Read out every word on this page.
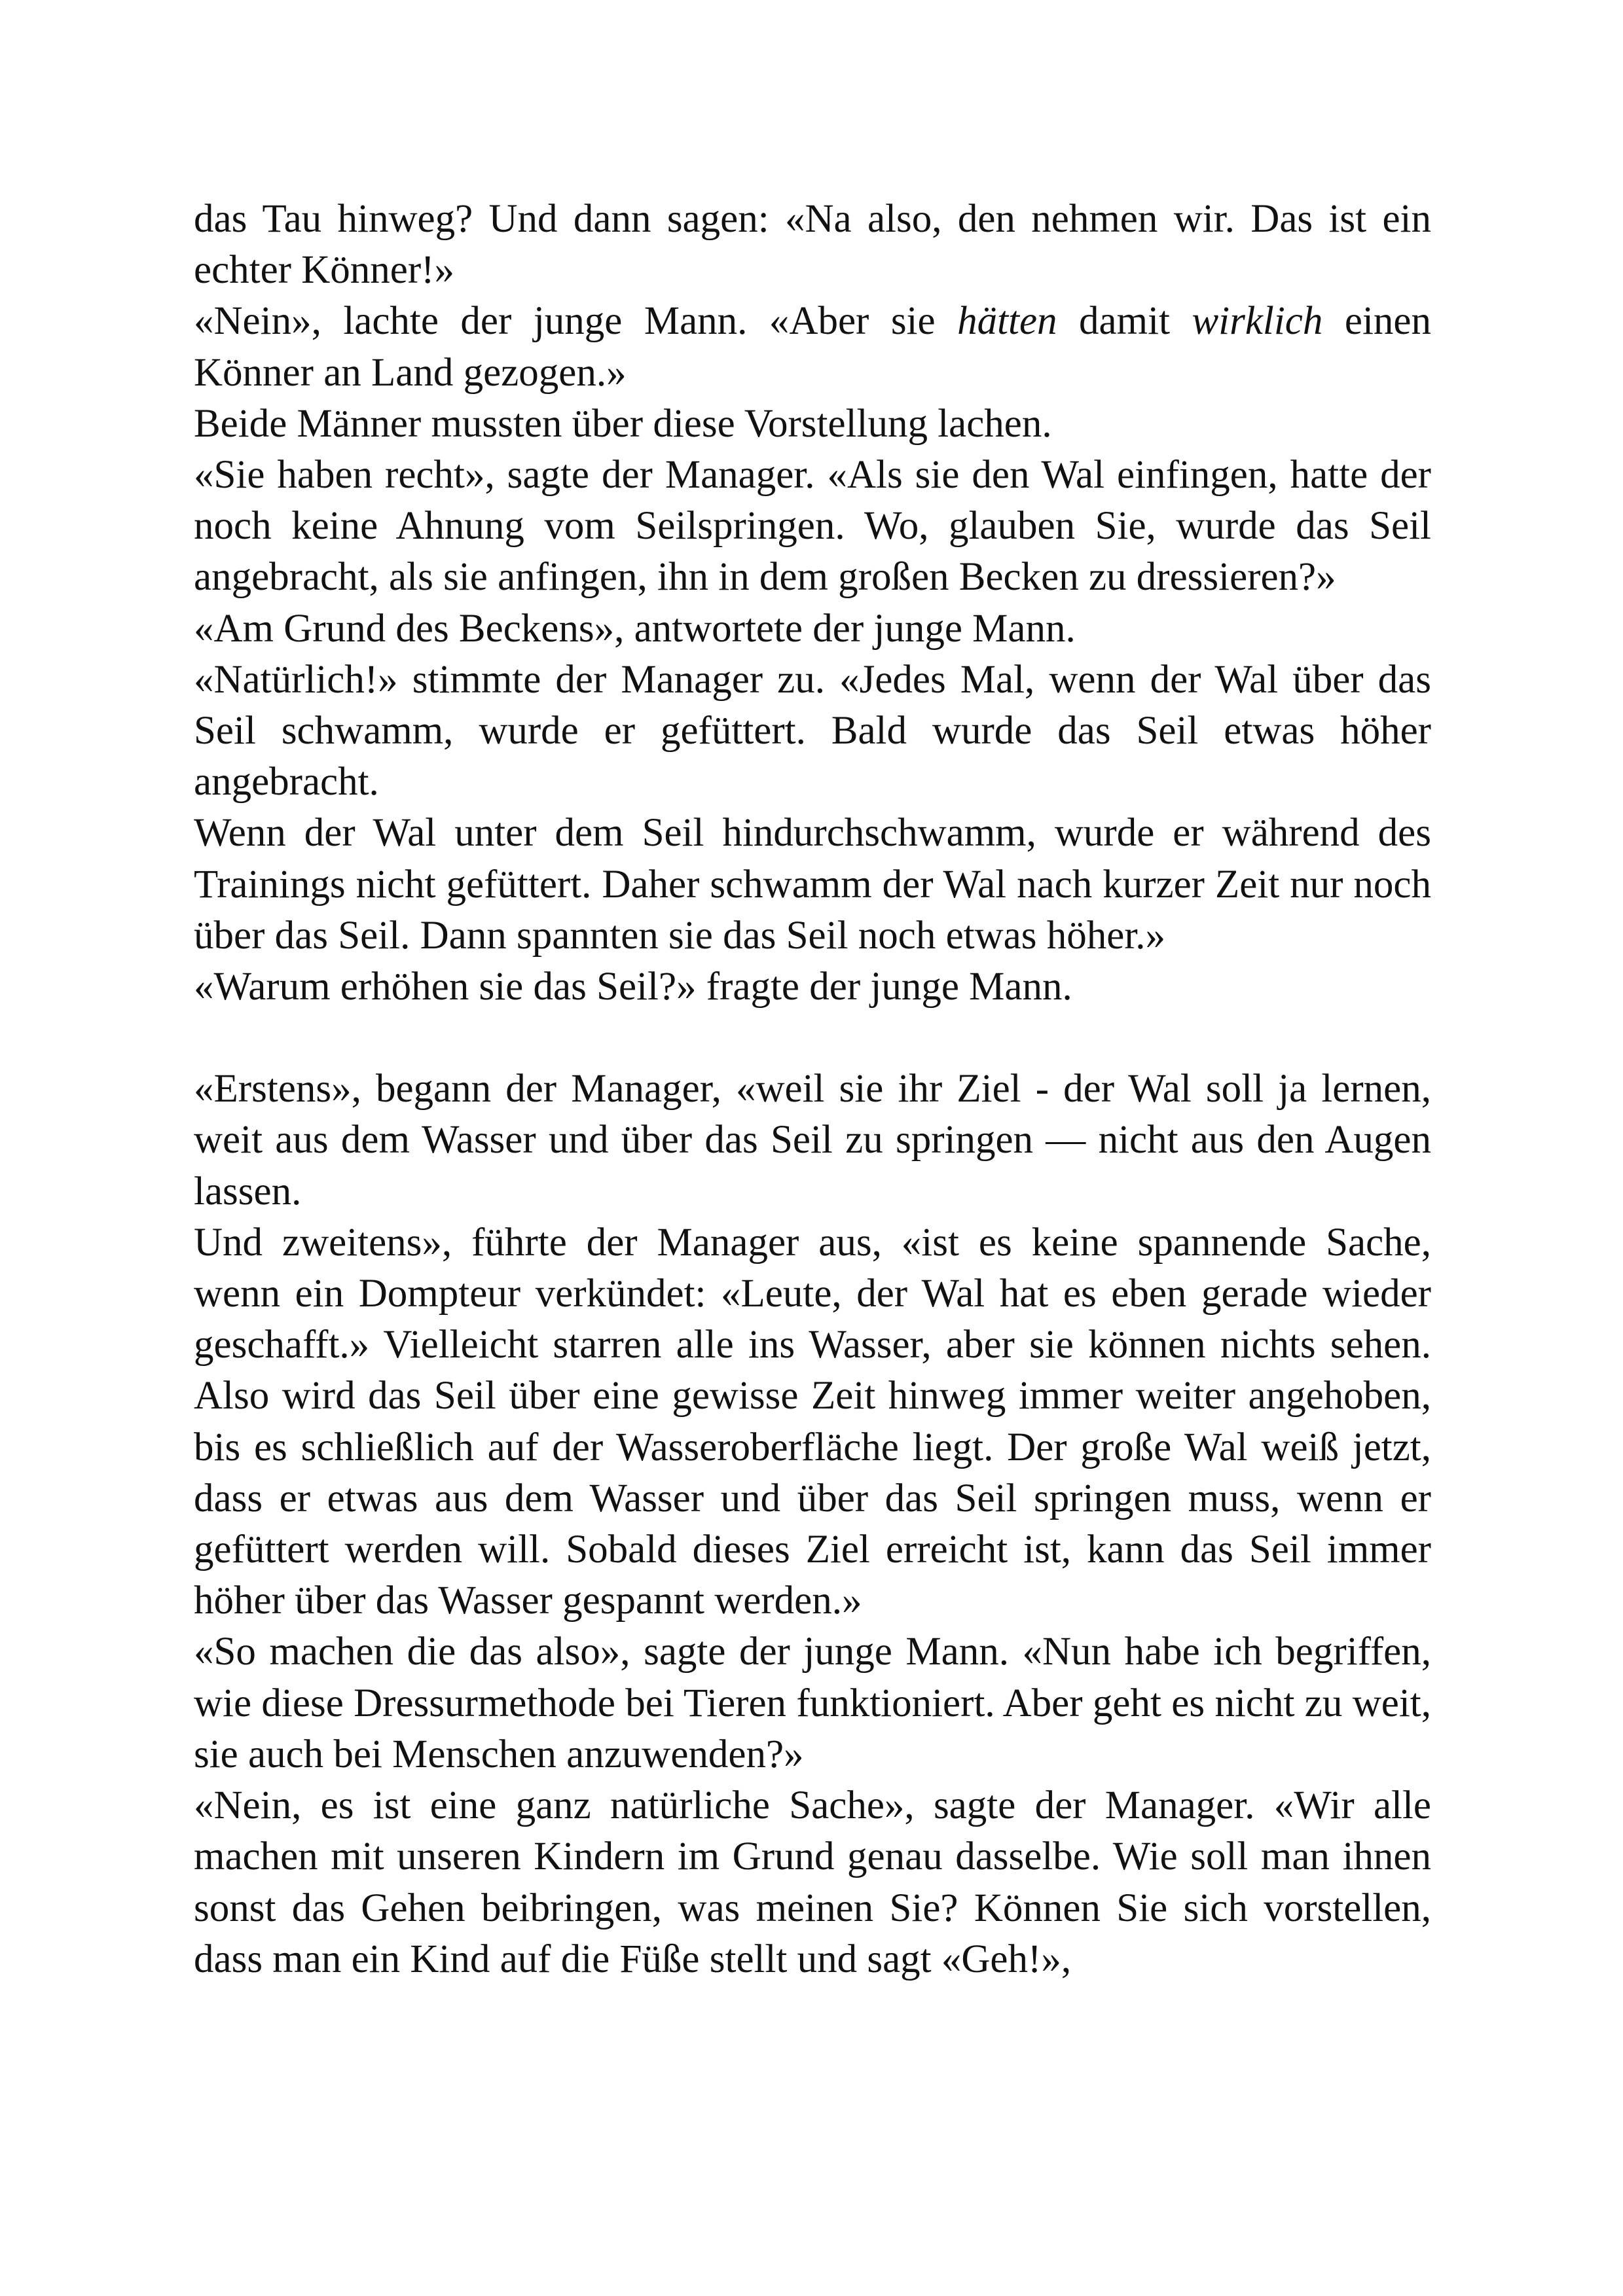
das Tau hinweg? Und dann sagen: «Na also, den nehmen wir. Das ist ein echter Könner!»

«Nein», lachte der junge Mann. «Aber sie hätten damit wirklich einen Könner an Land gezogen.»

Beide Männer mussten über diese Vorstellung lachen.

«Sie haben recht», sagte der Manager. «Als sie den Wal einfingen, hatte der noch keine Ahnung vom Seilspringen. Wo, glauben Sie, wurde das Seil angebracht, als sie anfingen, ihn in dem großen Becken zu dressieren?»

«Am Grund des Beckens», antwortete der junge Mann.

«Natürlich!» stimmte der Manager zu. «Jedes Mal, wenn der Wal über das Seil schwamm, wurde er gefüttert. Bald wurde das Seil etwas höher angebracht.

Wenn der Wal unter dem Seil hindurchschwamm, wurde er während des Trainings nicht gefüttert. Daher schwamm der Wal nach kurzer Zeit nur noch über das Seil. Dann spannten sie das Seil noch etwas höher.»

«Warum erhöhen sie das Seil?» fragte der junge Mann.

«Erstens», begann der Manager, «weil sie ihr Ziel - der Wal soll ja lernen, weit aus dem Wasser und über das Seil zu springen — nicht aus den Augen lassen.

Und zweitens», führte der Manager aus, «ist es keine spannende Sache, wenn ein Dompteur verkündet: «Leute, der Wal hat es eben gerade wieder geschafft.» Vielleicht starren alle ins Wasser, aber sie können nichts sehen. Also wird das Seil über eine gewisse Zeit hinweg immer weiter angehoben, bis es schließlich auf der Wasseroberfläche liegt. Der große Wal weiß jetzt, dass er etwas aus dem Wasser und über das Seil springen muss, wenn er gefüttert werden will. Sobald dieses Ziel erreicht ist, kann das Seil immer höher über das Wasser gespannt werden.»

«So machen die das also», sagte der junge Mann. «Nun habe ich begriffen, wie diese Dressurmethode bei Tieren funktioniert. Aber geht es nicht zu weit, sie auch bei Menschen anzuwenden?»

«Nein, es ist eine ganz natürliche Sache», sagte der Manager. «Wir alle machen mit unseren Kindern im Grund genau dasselbe. Wie soll man ihnen sonst das Gehen beibringen, was meinen Sie? Können Sie sich vorstellen, dass man ein Kind auf die Füße stellt und sagt «Geh!»,
